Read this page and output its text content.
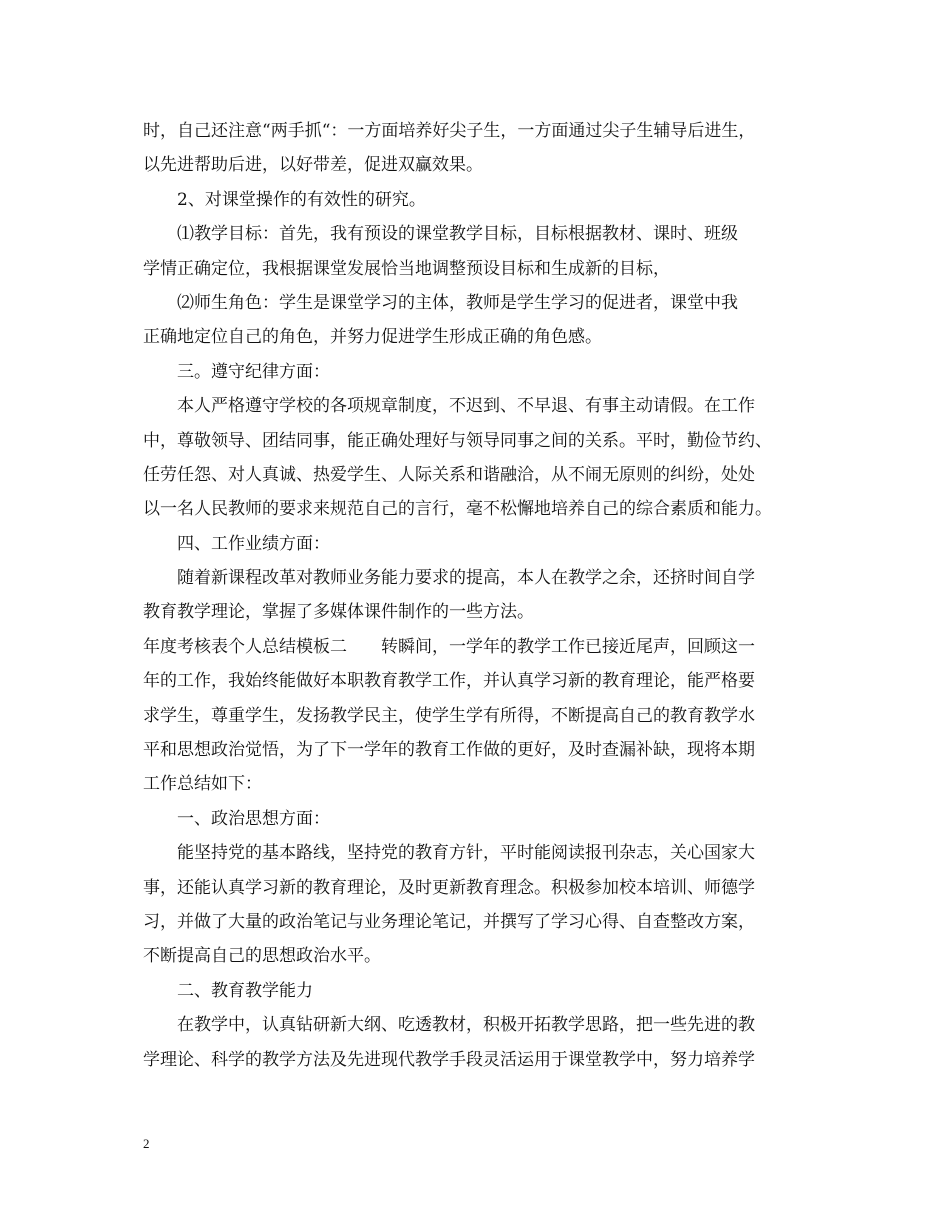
时，自己还注意“两手抓“：一方面培养好尖子生，一方面通过尖子生辅导后进生，
以先进帮助后进，以好带差，促进双赢效果。
2、对课堂操作的有效性的研究。
⑴教学目标：首先，我有预设的课堂教学目标，目标根据教材、课时、班级
学情正确定位，我根据课堂发展恰当地调整预设目标和生成新的目标，
⑵师生角色：学生是课堂学习的主体，教师是学生学习的促进者，课堂中我
正确地定位自己的角色，并努力促进学生形成正确的角色感。
三。遵守纪律方面：
本人严格遵守学校的各项规章制度，不迟到、不早退、有事主动请假。在工作
中，尊敬领导、团结同事，能正确处理好与领导同事之间的关系。平时，勤俭节约、
任劳任怨、对人真诚、热爱学生、人际关系和谐融洽，从不闹无原则的纠纷，处处
以一名人民教师的要求来规范自己的言行，毫不松懈地培养自己的综合素质和能力。
四、工作业绩方面：
随着新课程改革对教师业务能力要求的提高，本人在教学之余，还挤时间自学
教育教学理论，掌握了多媒体课件制作的一些方法。
年度考核表个人总结模板二　　转瞬间，一学年的教学工作已接近尾声，回顾这一
年的工作，我始终能做好本职教育教学工作，并认真学习新的教育理论，能严格要
求学生，尊重学生，发扬教学民主，使学生学有所得，不断提高自己的教育教学水
平和思想政治觉悟，为了下一学年的教育工作做的更好，及时查漏补缺，现将本期
工作总结如下：
一、政治思想方面：
能坚持党的基本路线，坚持党的教育方针，平时能阅读报刊杂志，关心国家大
事，还能认真学习新的教育理论，及时更新教育理念。积极参加校本培训、师德学
习，并做了大量的政治笔记与业务理论笔记，并撰写了学习心得、自查整改方案，
不断提高自己的思想政治水平。
二、教育教学能力
在教学中，认真钻研新大纲、吃透教材，积极开拓教学思路，把一些先进的教
学理论、科学的教学方法及先进现代教学手段灵活运用于课堂教学中，努力培养学
2
